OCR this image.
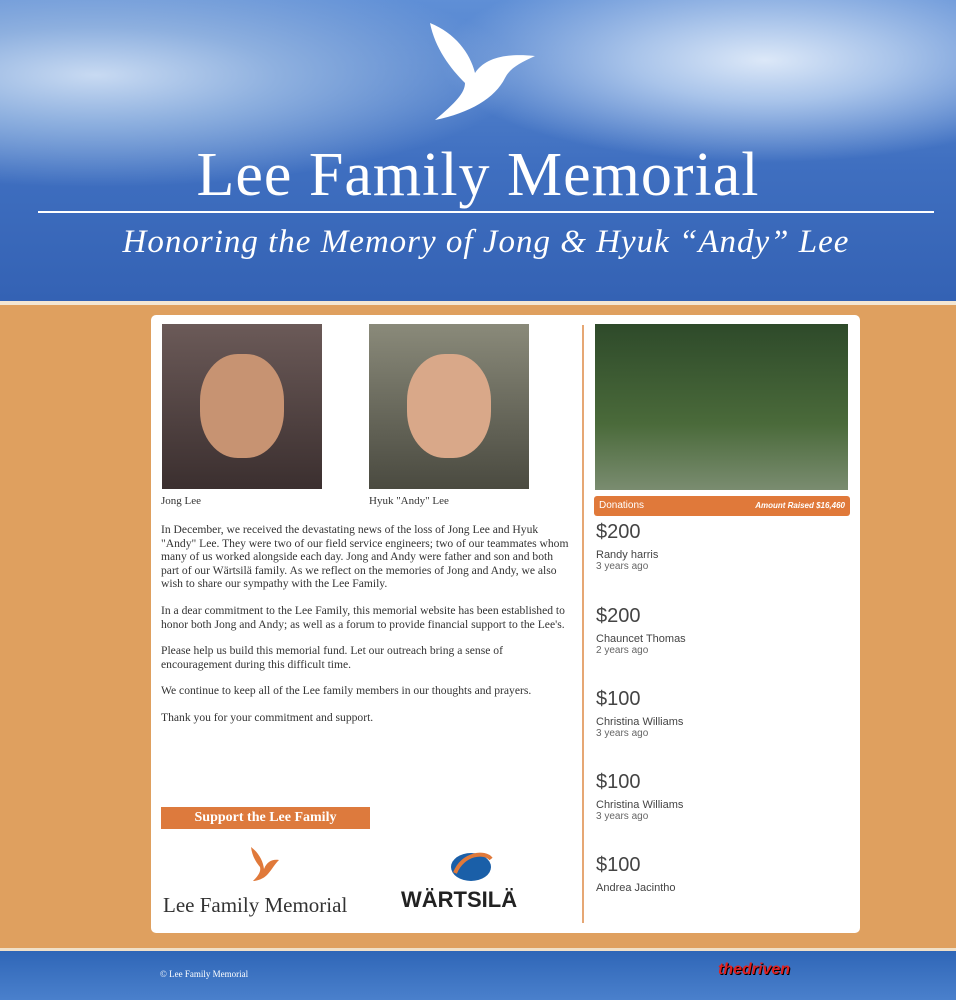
Lee Family Memorial
Honoring the Memory of Jong & Hyuk “Andy” Lee
Jong Lee	Hyuk "Andy" Lee

In December, we received the devastating news of the loss of Jong Lee and Hyuk "Andy" Lee. They were two of our field service engineers; two of our teammates whom many of us worked alongside each day. Jong and Andy were father and son and both part of our Wärtsilä family. As we reflect on the memories of Jong and Andy, we also wish to share our sympathy with the Lee Family.

In a dear commitment to the Lee Family, this memorial website has been established to honor both Jong and Andy; as well as a forum to provide financial support to the Lee's.

Please help us build this memorial fund. Let our outreach bring a sense of encouragement during this difficult time.

We continue to keep all of the Lee family members in our thoughts and prayers.

Thank you for your commitment and support.

Support the Lee Family
Lee Family Memorial WÄRTSILÄ
Donations	Amount Raised $16,460
$200
Randy harris
3 years ago
$200
Chauncet Thomas
2 years ago
$100
Christina Williams
3 years ago
$100
Christina Williams
3 years ago
$100
Andrea Jacintho
© Lee Family Memorial	thedriven
